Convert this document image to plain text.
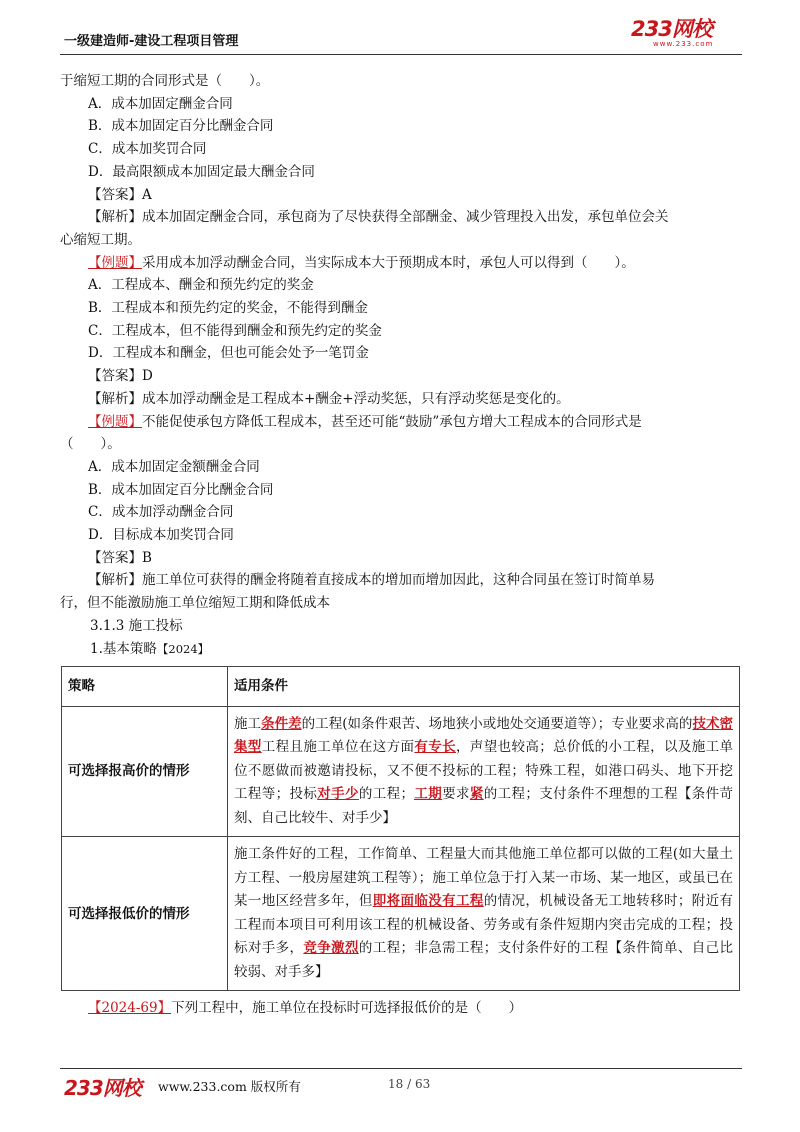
一级建造师-建设工程项目管理
233网校
www.233.com

于缩短工期的合同形式是（　　）。

A．成本加固定酬金合同

B．成本加固定百分比酬金合同

C．成本加奖罚合同

D．最高限额成本加固定最大酬金合同

【答案】A

【解析】成本加固定酬金合同，承包商为了尽快获得全部酬金、减少管理投入出发，承包单位会关

心缩短工期。

【例题】采用成本加浮动酬金合同，当实际成本大于预期成本时，承包人可以得到（　　）。

A．工程成本、酬金和预先约定的奖金

B．工程成本和预先约定的奖金，不能得到酬金

C．工程成本，但不能得到酬金和预先约定的奖金

D．工程成本和酬金，但也可能会处予一笔罚金

【答案】D

【解析】成本加浮动酬金是工程成本+酬金+浮动奖惩，只有浮动奖惩是变化的。

【例题】不能促使承包方降低工程成本，甚至还可能“鼓励”承包方增大工程成本的合同形式是

（　　）。

A．成本加固定金额酬金合同

B．成本加固定百分比酬金合同

C．成本加浮动酬金合同

D．目标成本加奖罚合同

【答案】B

【解析】施工单位可获得的酬金将随着直接成本的增加而增加因此，这种合同虽在签订时简单易

行，但不能激励施工单位缩短工期和降低成本

3.1.3 施工投标

1.基本策略【2024】

策略	适用条件
可选择报高价的情形	施工条件差的工程(如条件艰苦、场地狭小或地处交通要道等）；专业要求高的技术密集型工程且施工单位在这方面有专长，声望也较高；总价低的小工程，以及施工单位不愿做而被邀请投标，又不便不投标的工程；特殊工程，如港口码头、地下开挖工程等；投标对手少的工程；工期要求紧的工程；支付条件不理想的工程【条件苛刻、自己比较牛、对手少】
可选择报低价的情形	施工条件好的工程，工作简单、工程量大而其他施工单位都可以做的工程(如大量土方工程、一般房屋建筑工程等）；施工单位急于打入某一市场、某一地区，或虽已在某一地区经营多年，但即将面临没有工程的情况，机械设备无工地转移时；附近有工程而本项目可利用该工程的机械设备、劳务或有条件短期内突击完成的工程；投标对手多，竞争激烈的工程；非急需工程；支付条件好的工程【条件简单、自己比较弱、对手多】

【2024-69】下列工程中，施工单位在投标时可选择报低价的是（　　）

233网校 www.233.com 版权所有	18 / 63
